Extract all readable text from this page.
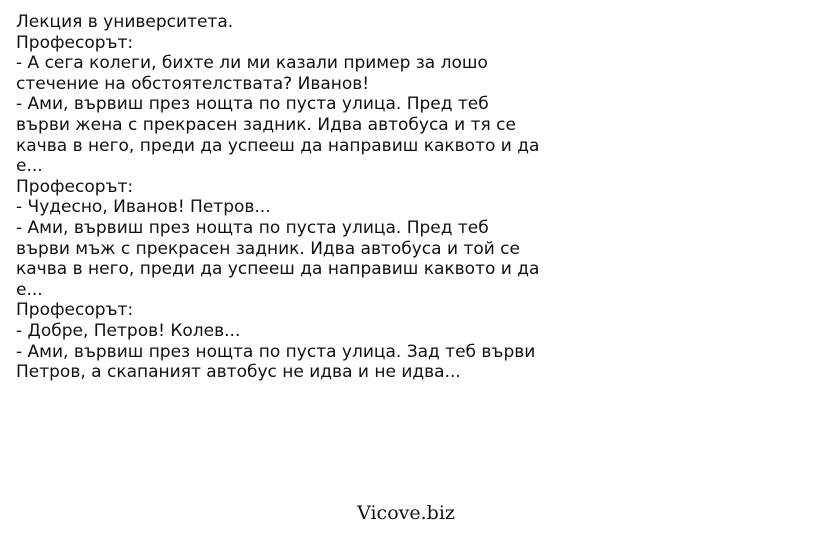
Лекция в университета.
Професорът:
- А сега колеги, бихте ли ми казали пример за лошо
стечение на обстоятелствата? Иванов!
- Ами, вървиш през нощта по пуста улица. Пред теб
върви жена с прекрасен задник. Идва автобуса и тя се
качва в него, преди да успееш да направиш каквото и да
е...
Професорът:
- Чудесно, Иванов! Петров...
- Ами, вървиш през нощта по пуста улица. Пред теб
върви мъж с прекрасен задник. Идва автобуса и той се
качва в него, преди да успееш да направиш каквото и да
е...
Професорът:
- Добре, Петров! Колев...
- Ами, вървиш през нощта по пуста улица. Зад теб върви
Петров, а скапаният автобус не идва и не идва...
Vicove.biz
